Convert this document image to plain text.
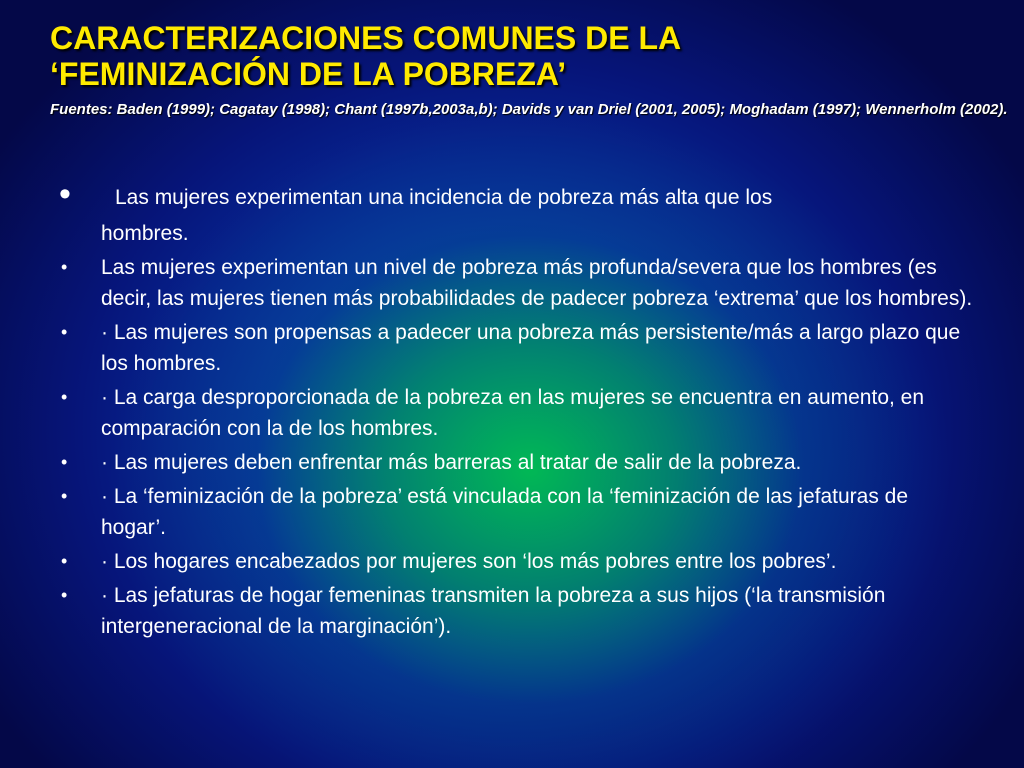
CARACTERIZACIONES COMUNES DE LA
‘FEMINIZACIÓN DE LA POBREZA’
Fuentes: Baden (1999); Cagatay (1998); Chant (1997b,2003a,b); Davids y van Driel (2001, 2005); Moghadam (1997); Wennerholm (2002).
• Las mujeres experimentan una incidencia de pobreza más alta que los
hombres.
• Las mujeres experimentan un nivel de pobreza más profunda/severa que los hombres (es decir, las mujeres tienen más probabilidades de padecer pobreza ‘extrema’ que los hombres).
• · Las mujeres son propensas a padecer una pobreza más persistente/más a largo plazo que los hombres.
• · La carga desproporcionada de la pobreza en las mujeres se encuentra en aumento, en comparación con la de los hombres.
• · Las mujeres deben enfrentar más barreras al tratar de salir de la pobreza.
• · La ‘feminización de la pobreza’ está vinculada con la ‘feminización de las jefaturas de hogar’.
• · Los hogares encabezados por mujeres son ‘los más pobres entre los pobres’.
• · Las jefaturas de hogar femeninas transmiten la pobreza a sus hijos (‘la transmisión intergeneracional de la marginación’).
